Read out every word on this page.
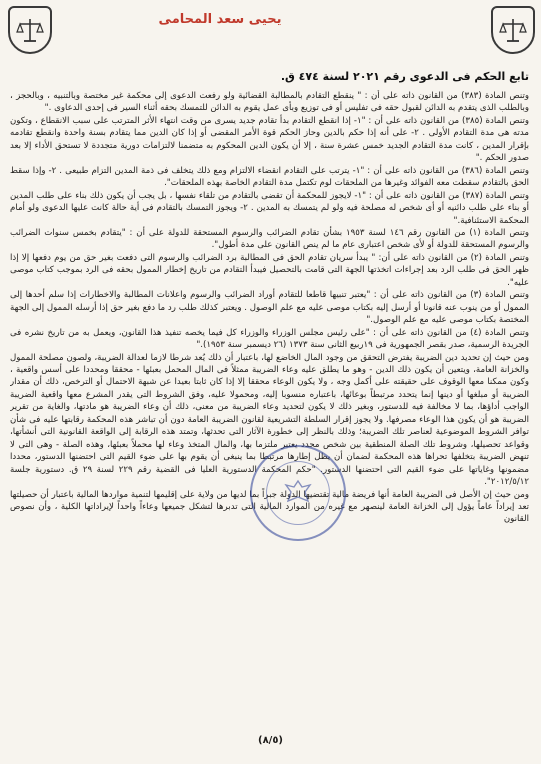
يحيى سعد المحامى
تابع الحكم فى الدعوى رقم ٢٠٢١ لسنة ٤٧٤ ق.

وتنص المادة (٣٨٣) من القانون ذاته على أن : " ينقطع التقادم بالمطالبة القضائية ولو رفعت الدعوى إلى محكمة غير مختصة وبالتنبيه ، وبالحجز ، وبالطلب الذى يتقدم به الدائن لقبول حقه فى تفليس أو فى توزيع وبأى عمل يقوم به الدائن للتمسك بحقه أثناء السير فى إحدى الدعاوى ."

وتنص المادة (٣٨٥) من القانون ذاته على أن : "١- إذا انقطع التقادم بدأ تقادم جديد يسرى من وقت انتهاء الأثر المترتب على سبب الانقطاع ، وتكون مدته هى مدة التقادم الأولى . ٢- على أنه إذا حكم بالدين وحاز الحكم قوة الأمر المقضى أو إذا كان الدين مما يتقادم بسنة واحدة وانقطع تقادمه بإقرار المدين ، كانت مدة التقادم الجديد خمس عشرة سنة ، إلا أن يكون الدين المحكوم به متضمنا لالتزامات دورية متجددة لا تستحق الأداء إلا بعد صدور الحكم ."

وتنص المادة (٣٨٦) من القانون ذاته على أن : "١- يترتب على التقادم انقضاء الالتزام ومع ذلك يتخلف فى ذمة المدين التزام طبيعى . ٢- وإذا سقط الحق بالتقادم سقطت معه الفوائد وغيرها من الملحقات لوم تكتمل مدة التقادم الخاصة بهذه الملحقات".

وتنص المادة (٣٨٧) من القانون ذاته على أن : "١- لايجوز للمحكمة أن تقضى بالتقادم من تلقاء نفسها ، بل يجب أن يكون ذلك بناء على طلب المدين أو بناء على طلب دائنيه أو أى شخص له مصلحة فيه ولو لم يتمسك به المدين . ٢- ويجوز التمسك بالتقادم فى أية حالة كانت عليها الدعوى ولو أمام المحكمة الاستئنافية."

وتنص المادة (١) من القانون رقم ١٤٦ لسنة ١٩٥٣ بشأن تقادم الضرائب والرسوم المستحقة للدولة على أن : "يتقادم بخمس سنوات الضرائب والرسوم المستحقة للدولة أو لأى شخص اعتبارى عام ما لم ينص القانون على مدة أطول".

وتنص المادة (٢) من القانون ذاته على أن: " يبدأ سريان تقادم الحق فى المطالبة برد الضرائب والرسوم التى دفعت بغير حق من يوم دفعها إلا إذا ظهر الحق فى طلب الرد بعد إجراءات اتخذتها الجهة التى قامت بالتحصيل فيبدأ التقادم من تاريخ إخطار الممول بحقه فى الرد بموجب كتاب موصى عليه".

وتنص المادة (٣) من القانون ذاته على أن : "يعتبر تنبيها قاطعا للتقادم أوراد الضرائب والرسوم واعلانات المطالبة والاخطارات إذا سلم أحدها إلى الممول أو من ينوب عنه قانونا أو أرسل إليه بكتاب موصى عليه مع علم الوصول . ويعتبر كذلك طلب رد ما دفع بغير حق إذا أرسله الممول إلى الجهة المختصة بكتاب موصى عليه مع علم الوصول."

وتنص المادة (٤) من القانون ذاته على أن : "على رئيس مجلس الوزراء والوزراء كل فيما يخصه تنفيذ هذا القانون، ويعمل به من تاريخ نشره فى الجريدة الرسمية، صدر بقصر الجمهورية فى ١٩ربيع الثانى سنة ١٣٧٣ (٢٦ ديسمبر سنة ١٩٥٣)."

ومن حيث إن تحديد دين الضريبة يفترض التحقق من وجود المال الخاضع لها، باعتبار أن ذلك يُعد شرطا لازما لعدالة الضريبة، ولصون مصلحة الممول والخزانة العامة، ويتعين أن يكون ذلك الدين - وهو ما يطلق عليه وعاء الضريبة ممثلاً فى المال المحمل بعبئها - محققا ومحددا على أسس واقعية ، وكون ممكنا معها الوقوف على حقيقته على أكمل وجه ، ولا يكون الوعاء محققا إلا إذا كان ثابتا بعيدا عن شبهة الاحتمال أو الترخص، ذلك أن مقدار الضريبة أو مبلغها أو دينها إنما يتحدد مرتبطاً بوعائها، باعتباره منسوبا إليه، ومحمولا عليه، وفق الشروط التى يقدر المشرع معها واقعية الضريبة الواجب أداؤها، بما لا مخالفة فيه للدستور، وبغير ذلك لا يكون لتحديد وعاء الضريبة من معنى، ذلك أن وعاء الضريبة هو مادتها، والغاية من تقرير الضريبة هو أن يكون هذا الوعاء مصرفها. ولا يجوز إقرار السلطة التشريعية لقانون الضريبة العامة دون أن تباشر هذه المحكمة رقابتها عليه فى شأن توافر الشروط الموضوعية لعناصر تلك الضريبة؛ وذلك بالنظر إلى خطورة الآثار التى تحدثها، وتمتد هذه الرقابة إلى الواقعة القانونية التى أنشأتها، وقواعد تحصيلها، وشروط تلك الصلة المنطقية بين شخص محدد يعتبر ملتزما بها، والمال المتخذ وعاء لها محملاً بعبئها، وهذه الصلة - وهى التى لا تنهض الضريبة بتخلفها تحراها هذه المحكمة لضمان أن يظل إطارها مرتبطا بما ينبغى أن يقوم بها على ضوء القيم التى احتضنها الدستور، محددا مضمونها وغاياتها على ضوء القيم التى احتضنها الدستور. "حكم المحكمة الدستورية العليا فى القضية رقم ٢٢٩ لسنة ٢٩ ق. دستورية جلسة ٢٠١٢/٥/١٢".

ومن حيث إن الأصل فى الضريبة العامة أنها فريضة مالية تقتضيها الدولة جبراً بما لديها من ولاية على إقليمها لتنمية مواردها المالية باعتبار أن حصيلتها تعد إيراداً عاماً يؤول إلى الخزانة العامة لينصهر مع غيره من الموارد المالية التى تدبرها لتشكل جميعها وعاءاً واحداً لإيراداتها الكلية ، وأن نصوص القانون

(٨/٥)
